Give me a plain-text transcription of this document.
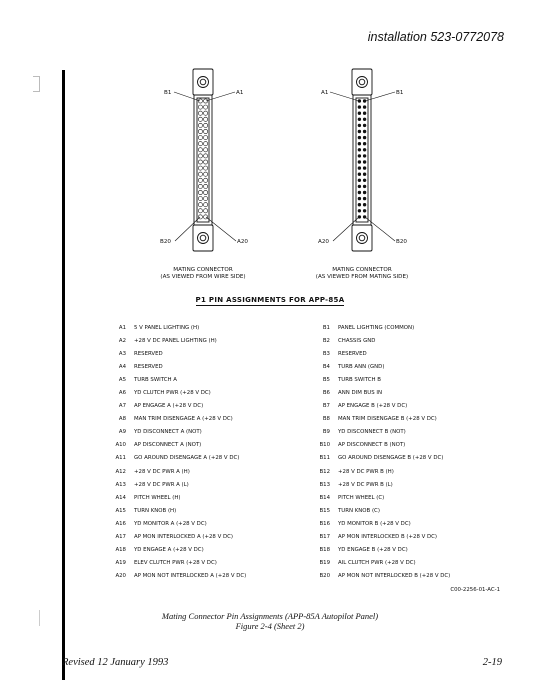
installation 523-0772078
B1	A1
B20	A20
MATING CONNECTOR
(AS VIEWED FROM WIRE SIDE)
A1	B1
A20	B20
MATING CONNECTOR
(AS VIEWED FROM MATING SIDE)
P1 PIN ASSIGNMENTS FOR APP-85A
A1 5 V PANEL LIGHTING (H)
A2 +28 V DC PANEL LIGHTING (H)
A3 RESERVED
A4 RESERVED
A5 TURB SWITCH A
A6 YD CLUTCH PWR (+28 V DC)
A7 AP ENGAGE A (+28 V DC)
A8 MAN TRIM DISENGAGE A (+28 V DC)
A9 YD DISCONNECT A (NOT)
A10 AP DISCONNECT A (NOT)
A11 GO AROUND DISENGAGE A (+28 V DC)
A12 +28 V DC PWR A (H)
A13 +28 V DC PWR A (L)
A14 PITCH WHEEL (H)
A15 TURN KNOB (H)
A16 YD MONITOR A (+28 V DC)
A17 AP MON INTERLOCKED A (+28 V DC)
A18 YD ENGAGE A (+28 V DC)
A19 ELEV CLUTCH PWR (+28 V DC)
A20 AP MON NOT INTERLOCKED A (+28 V DC)
B1 PANEL LIGHTING (COMMON)
B2 CHASSIS GND
B3 RESERVED
B4 TURB ANN (GND)
B5 TURB SWITCH B
B6 ANN DIM BUS IN
B7 AP ENGAGE B (+28 V DC)
B8 MAN TRIM DISENGAGE B (+28 V DC)
B9 YD DISCONNECT B (NOT)
B10 AP DISCONNECT B (NOT)
B11 GO AROUND DISENGAGE B (+28 V DC)
B12 +28 V DC PWR B (H)
B13 +28 V DC PWR B (L)
B14 PITCH WHEEL (C)
B15 TURN KNOB (C)
B16 YD MONITOR B (+28 V DC)
B17 AP MON INTERLOCKED B (+28 V DC)
B18 YD ENGAGE B (+28 V DC)
B19 AIL CLUTCH PWR (+28 V DC)
B20 AP MON NOT INTERLOCKED B (+28 V DC)
C00-2256-01-AC-1
Mating Connector Pin Assignments (APP-85A Autopilot Panel)
Figure 2-4 (Sheet 2)
Revised 12 January 1993	2-19
